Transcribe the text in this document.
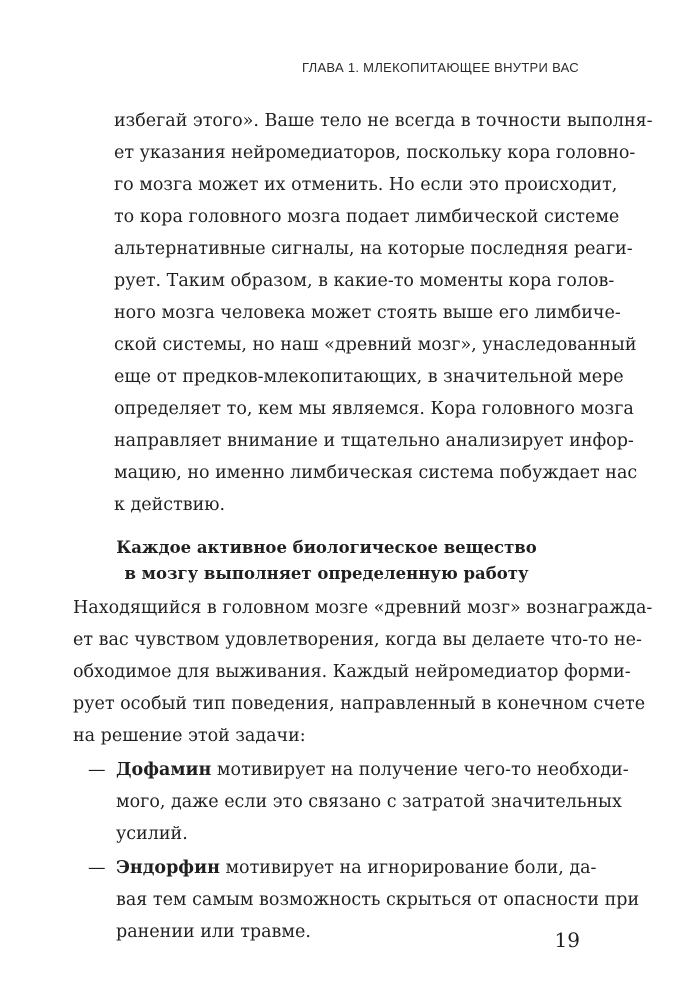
ГЛАВА 1. МЛЕКОПИТАЮЩЕЕ ВНУТРИ ВАС
избегай этого». Ваше тело не всегда в точности выполня-
ет указания нейромедиаторов, поскольку кора головно-
го мозга может их отменить. Но если это происходит,
то кора головного мозга подает лимбической системе
альтернативные сигналы, на которые последняя реаги-
рует. Таким образом, в какие-то моменты кора голов-
ного мозга человека может стоять выше его лимбиче-
ской системы, но наш «древний мозг», унаследованный
еще от предков-млекопитающих, в значительной мере
определяет то, кем мы являемся. Кора головного мозга
направляет внимание и тщательно анализирует инфор-
мацию, но именно лимбическая система побуждает нас
к действию.
Каждое активное биологическое вещество
в мозгу выполняет определенную работу
Находящийся в головном мозге «древний мозг» вознагражда-
ет вас чувством удовлетворения, когда вы делаете что-то не-
обходимое для выживания. Каждый нейромедиатор форми-
рует особый тип поведения, направленный в конечном счете
на решение этой задачи:
— Дофамин мотивирует на получение чего-то необходи-
мого, даже если это связано с затратой значительных
усилий.
— Эндорфин мотивирует на игнорирование боли, да-
вая тем самым возможность скрыться от опасности при
ранении или травме.	19
